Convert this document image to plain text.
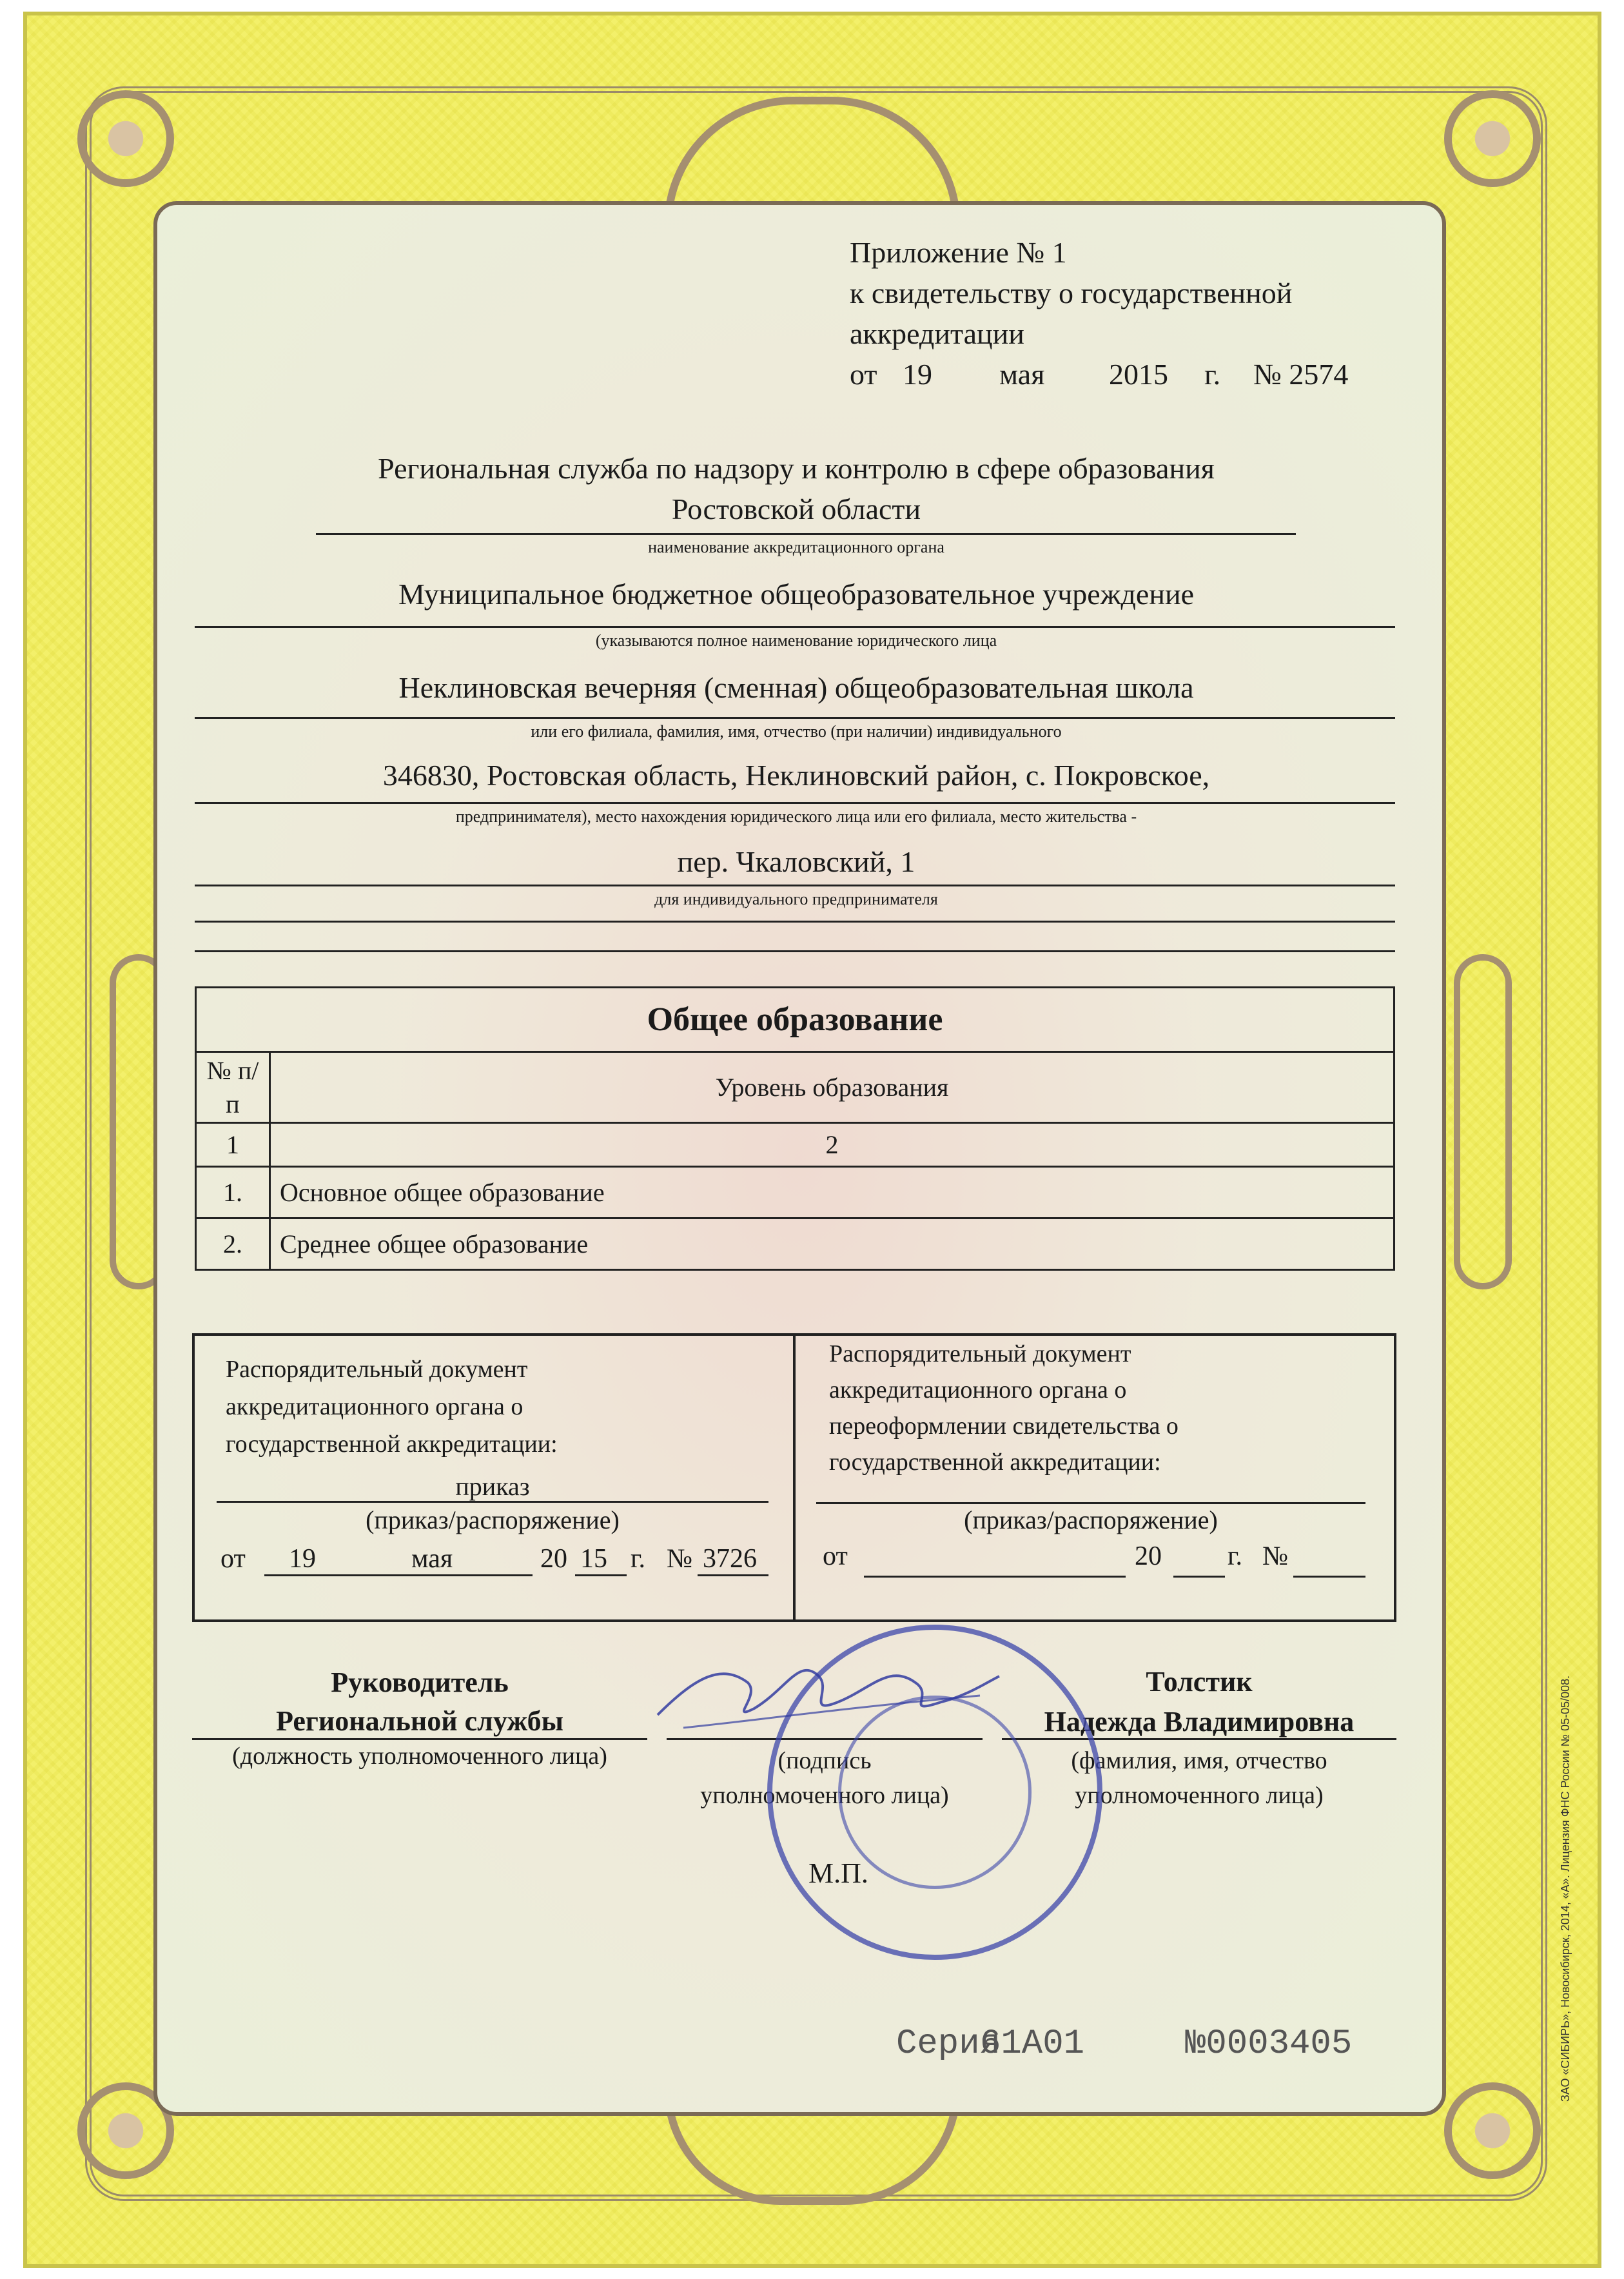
Приложение № 1
к свидетельству о государственной
аккредитации
от 19 мая 2015 г. № 2574
Региональная служба по надзору и контролю в сфере образования
Ростовской области
наименование аккредитационного органа
Муниципальное бюджетное общеобразовательное учреждение
(указываются полное наименование юридического лица
Неклиновская вечерняя (сменная) общеобразовательная школа
или его филиала, фамилия, имя, отчество (при наличии) индивидуального
346830, Ростовская область, Неклиновский район, с. Покровское,
предпринимателя), место нахождения юридического лица или его филиала, место жительства -
пер. Чкаловский, 1
для индивидуального предпринимателя
Общее образование	
№ п/п	Уровень образования
1	2
1.	Основное общее образование
2.	Среднее общее образование
Распорядительный документ
аккредитационного органа о
государственной аккредитации:
приказ
(приказ/распоряжение)
от 19	мая	20 15 г. № 3726
Распорядительный документ
аккредитационного органа о
переоформлении свидетельства о
государственной аккредитации:
(приказ/распоряжение)
от	20 г. №
Руководитель
Региональной службы
(должность уполномоченного лица)	(подпись
уполномоченного лица)
Толстик
Надежда Владимировна
(фамилия, имя, отчество
уполномоченного лица)
М.П.
Серия
61А01	№0003405	ЗАО «СИБИРЬ», Новосибирск, 2014, «А». Лицензия ФНС России № 05-05/008.
